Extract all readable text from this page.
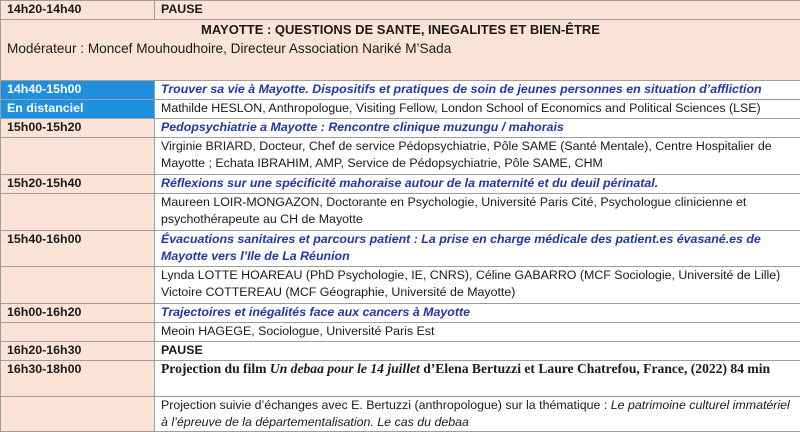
14h20-14h40	PAUSE

MAYOTTE : QUESTIONS DE SANTE, INEGALITES ET BIEN-ÊTRE
Modérateur : Moncef Mouhoudhoire, Directeur Association Nariké M’Sada	

14h40-15h00	Trouver sa vie à Mayotte. Dispositifs et pratiques de soin de jeunes personnes en situation d’affliction
En distanciel	Mathilde HESLON, Anthropologue, Visiting Fellow, London School of Economics and Political Sciences (LSE)
15h00-15h20	Pedopsychiatrie a Mayotte : Rencontre clinique muzungu / mahorais
	Virginie BRIARD, Docteur, Chef de service Pédopsychiatrie, Pôle SAME (Santé Mentale), Centre Hospitalier de Mayotte ; Echata IBRAHIM, AMP, Service de Pédopsychiatrie, Pôle SAME, CHM
15h20-15h40	Réflexions sur une spécificité mahoraise autour de la maternité et du deuil périnatal.
	Maureen LOIR-MONGAZON, Doctorante en Psychologie, Université Paris Cité, Psychologue clinicienne et psychothérapeute au CH de Mayotte
15h40-16h00	Évacuations sanitaires et parcours patient : La prise en charge médicale des patient.es évasané.es de Mayotte vers l’Ile de La Réunion

	Lynda LOTTE HOAREAU (PhD Psychologie, IE, CNRS), Céline GABARRO (MCF Sociologie, Université de Lille)
Victoire COTTEREAU (MCF Géographie, Université de Mayotte)

16h00-16h20	Trajectoires et inégalités face aux cancers à Mayotte
	Meoin HAGEGE, Sociologue, Université Paris Est
16h20-16h30	PAUSE
16h30-18h00	Projection du film Un debaa pour le 14 juillet d’Elena Bertuzzi et Laure Chatrefou, France, (2022) 84 min
	Projection suivie d’échanges avec E. Bertuzzi (anthropologue) sur la thématique : Le patrimoine culturel immatériel à l’épreuve de la départementalisation. Le cas du debaa
